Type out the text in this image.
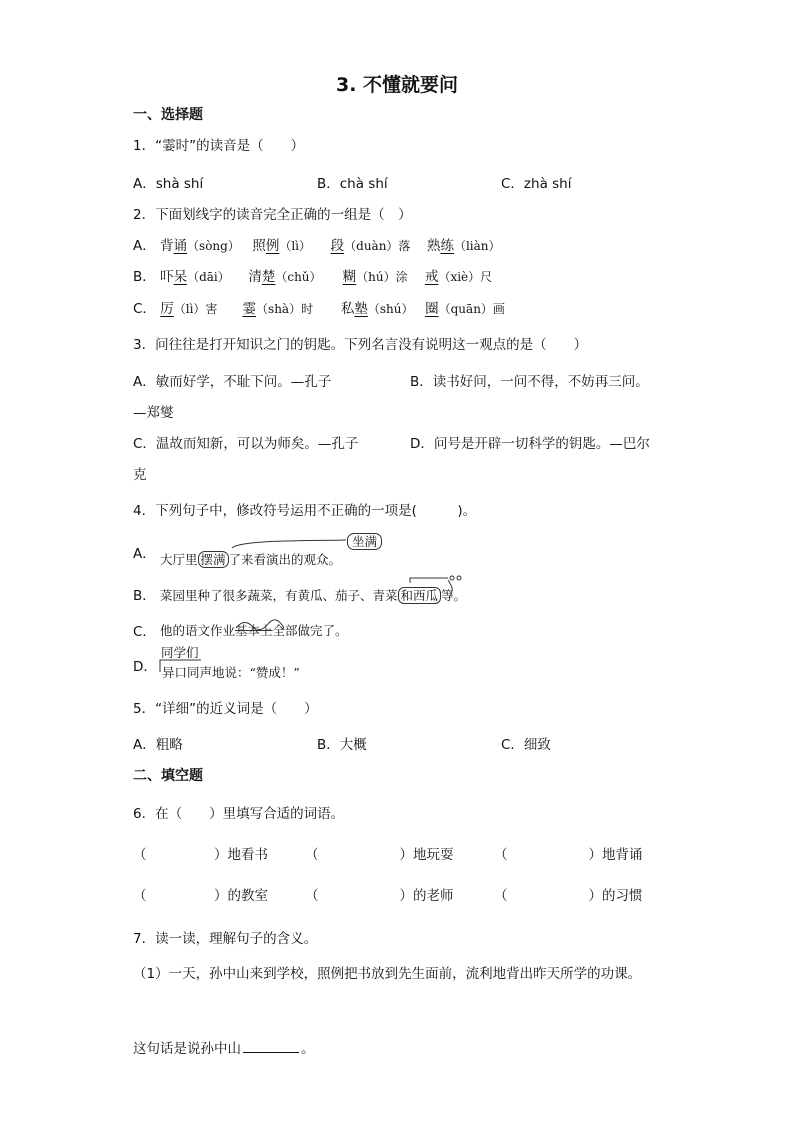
3. 不懂就要问
一、选择题
1．“霎时”的读音是（　　）
A．shà shí	B．chà shí	C．zhà shí
2．下面划线字的读音完全正确的一组是（　）
A． 背诵（sòng） 照例（lì） 段（duàn）落 熟练（liàn）
B． 吓呆（dāi） 清楚（chǔ） 糊（hú）涂 戒（xiè）尺
C． 厉（lì）害 霎（shà）时 私塾（shú） 圈（quān）画
3．问往往是打开知识之门的钥匙。下列名言没有说明这一观点的是（　　）
A．敏而好学，不耻下问。—孔子	B．读书好问，一问不得，不妨再三问。
—郑燮
C．温故而知新，可以为师矣。—孔子	D．问号是开辟一切科学的钥匙。—巴尔
克
4．下列句子中，修改符号运用不正确的一项是(　　　)。
A．
坐满
大厅里 摆满 了来看演出的观众。
B． 菜园里种了很多蔬菜，有黄瓜、茄子、青菜 和西瓜 等。
C． 他的语文作业基本上全部做完了。
D．
同学们
异口同声地说：“赞成！”
5．“详细”的近义词是（　　）
A．粗略	B．大概	C．细致
二、填空题
6．在（　　）里填写合适的词语。
（　　　　　）地看书	（　　　　　　）地玩耍	（　　　　　　）地背诵
（　　　　　）的教室	（　　　　　　）的老师	（　　　　　　）的习惯
7．读一读，理解句子的含义。
（1）一天，孙中山来到学校，照例把书放到先生面前，流利地背出昨天所学的功课。
这句话是说孙中山	。
